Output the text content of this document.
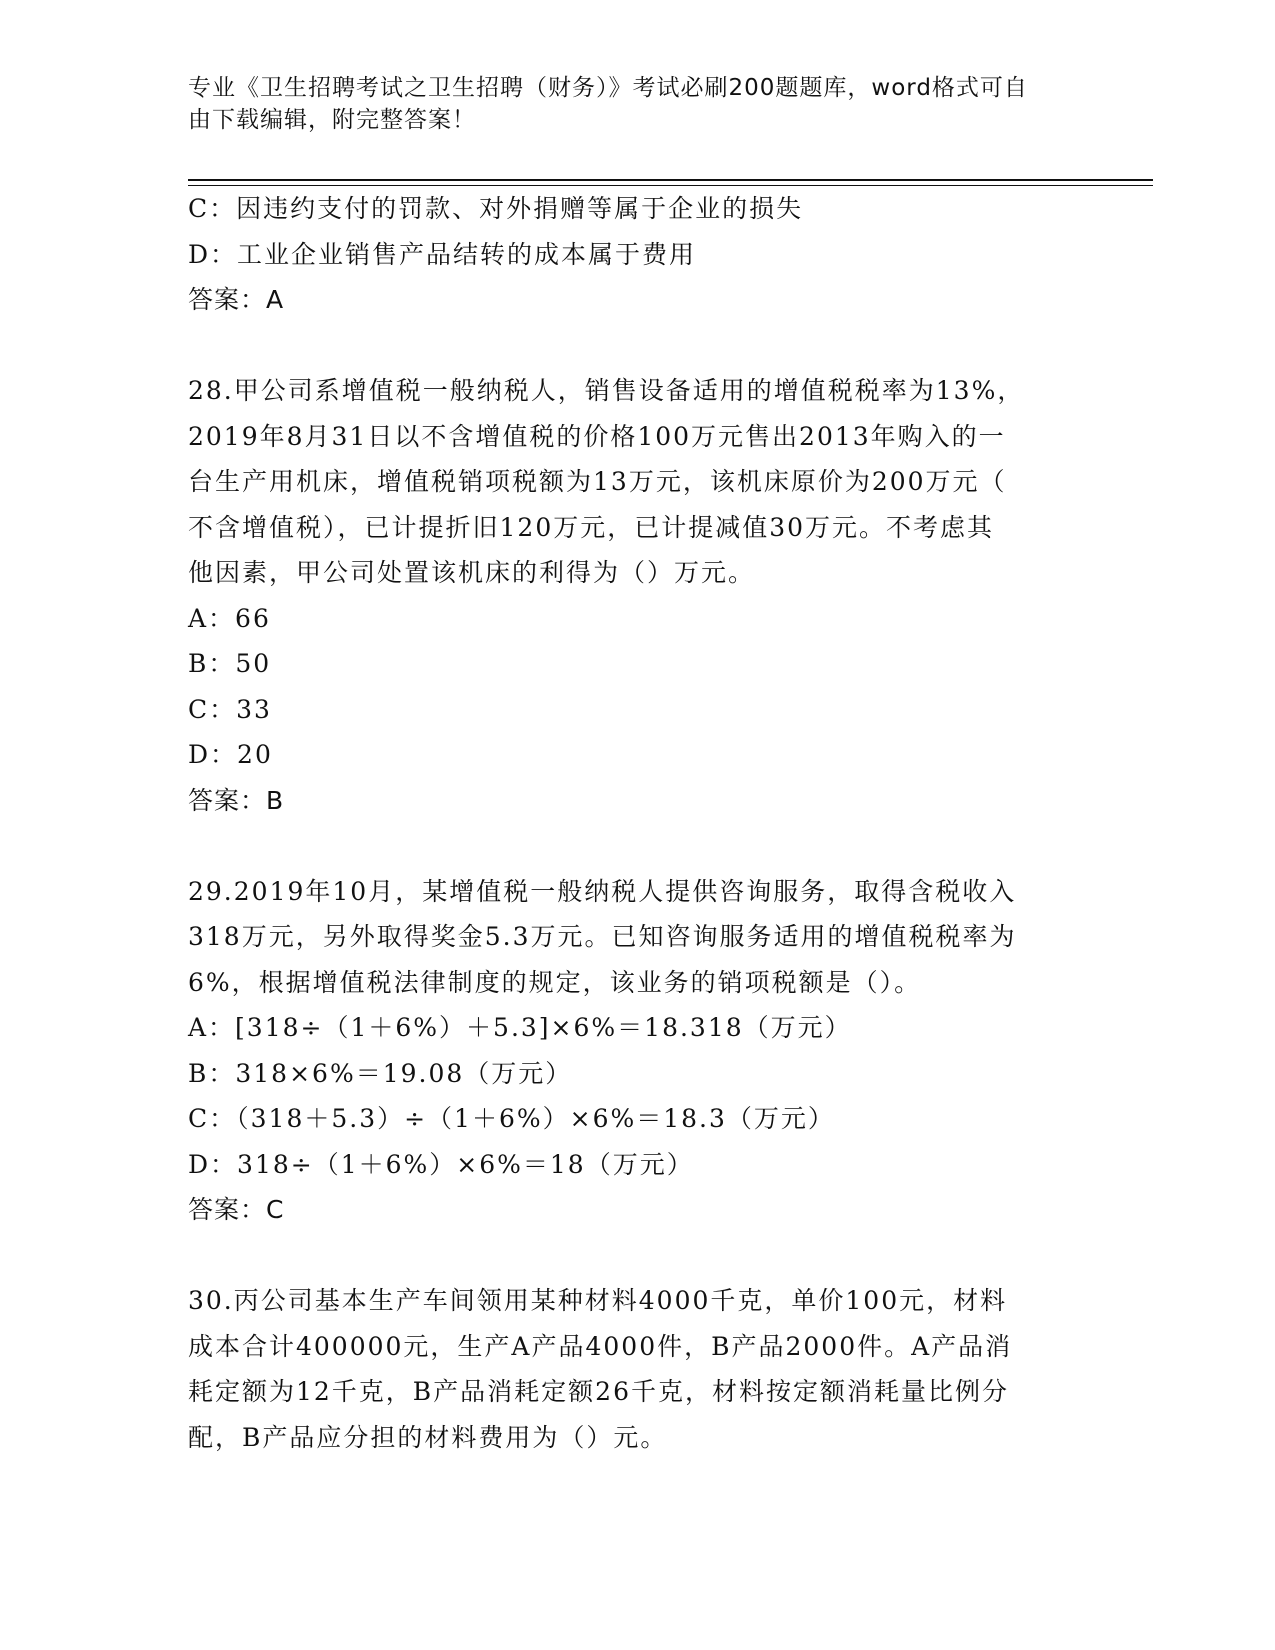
专业《卫生招聘考试之卫生招聘（财务）》考试必刷200题题库，word格式可自
由下载编辑，附完整答案！
C：因违约支付的罚款、对外捐赠等属于企业的损失
D：工业企业销售产品结转的成本属于费用
答案：A
28.甲公司系增值税一般纳税人，销售设备适用的增值税税率为13%，
2019年8月31日以不含增值税的价格100万元售出2013年购入的一
台生产用机床，增值税销项税额为13万元，该机床原价为200万元（
不含增值税），已计提折旧120万元，已计提减值30万元。不考虑其
他因素，甲公司处置该机床的利得为（）万元。
A：66
B：50
C：33
D：20
答案：B
29.2019年10月，某增值税一般纳税人提供咨询服务，取得含税收入
318万元，另外取得奖金5.3万元。已知咨询服务适用的增值税税率为
6%，根据增值税法律制度的规定，该业务的销项税额是（）。
A：[318÷（1＋6%）＋5.3]×6%＝18.318（万元）
B：318×6%＝19.08（万元）
C：（318＋5.3）÷（1＋6%）×6%＝18.3（万元）
D：318÷（1＋6%）×6%＝18（万元）
答案：C
30.丙公司基本生产车间领用某种材料4000千克，单价100元，材料
成本合计400000元，生产A产品4000件，B产品2000件。A产品消
耗定额为12千克，B产品消耗定额26千克，材料按定额消耗量比例分
配，B产品应分担的材料费用为（）元。
